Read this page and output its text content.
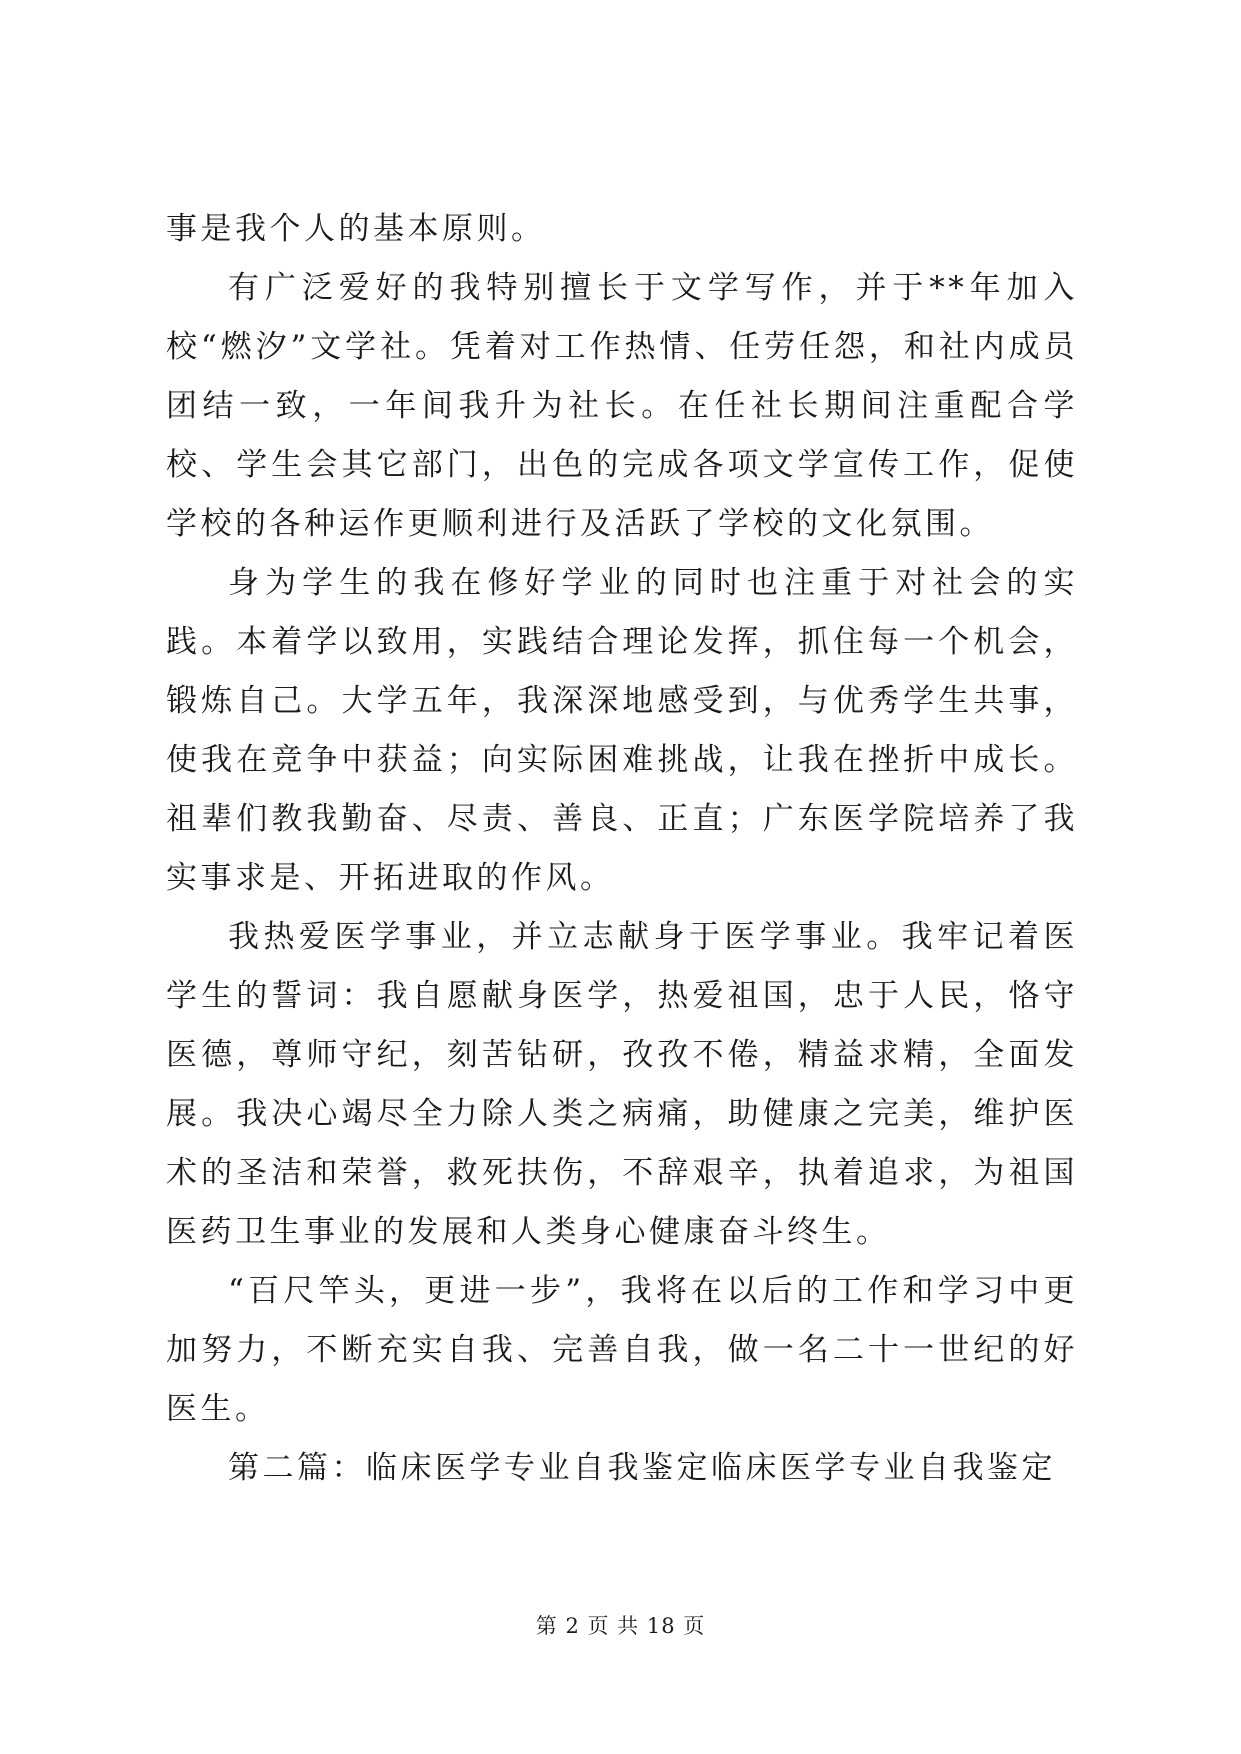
事是我个人的基本原则。

有广泛爱好的我特别擅长于文学写作，并于**年加入校“燃汐”文学社。凭着对工作热情、任劳任怨，和社内成员团结一致，一年间我升为社长。在任社长期间注重配合学校、学生会其它部门，出色的完成各项文学宣传工作，促使学校的各种运作更顺利进行及活跃了学校的文化氛围。

身为学生的我在修好学业的同时也注重于对社会的实践。本着学以致用，实践结合理论发挥，抓住每一个机会，锻炼自己。大学五年，我深深地感受到，与优秀学生共事，使我在竞争中获益；向实际困难挑战，让我在挫折中成长。祖辈们教我勤奋、尽责、善良、正直；广东医学院培养了我实事求是、开拓进取的作风。

我热爱医学事业，并立志献身于医学事业。我牢记着医学生的誓词：我自愿献身医学，热爱祖国，忠于人民，恪守医德，尊师守纪，刻苦钻研，孜孜不倦，精益求精，全面发展。我决心竭尽全力除人类之病痛，助健康之完美，维护医术的圣洁和荣誉，救死扶伤，不辞艰辛，执着追求，为祖国医药卫生事业的发展和人类身心健康奋斗终生。

“百尺竿头，更进一步”，我将在以后的工作和学习中更加努力，不断充实自我、完善自我，做一名二十一世纪的好医生。

第二篇：临床医学专业自我鉴定临床医学专业自我鉴定

第 2 页 共 18 页
